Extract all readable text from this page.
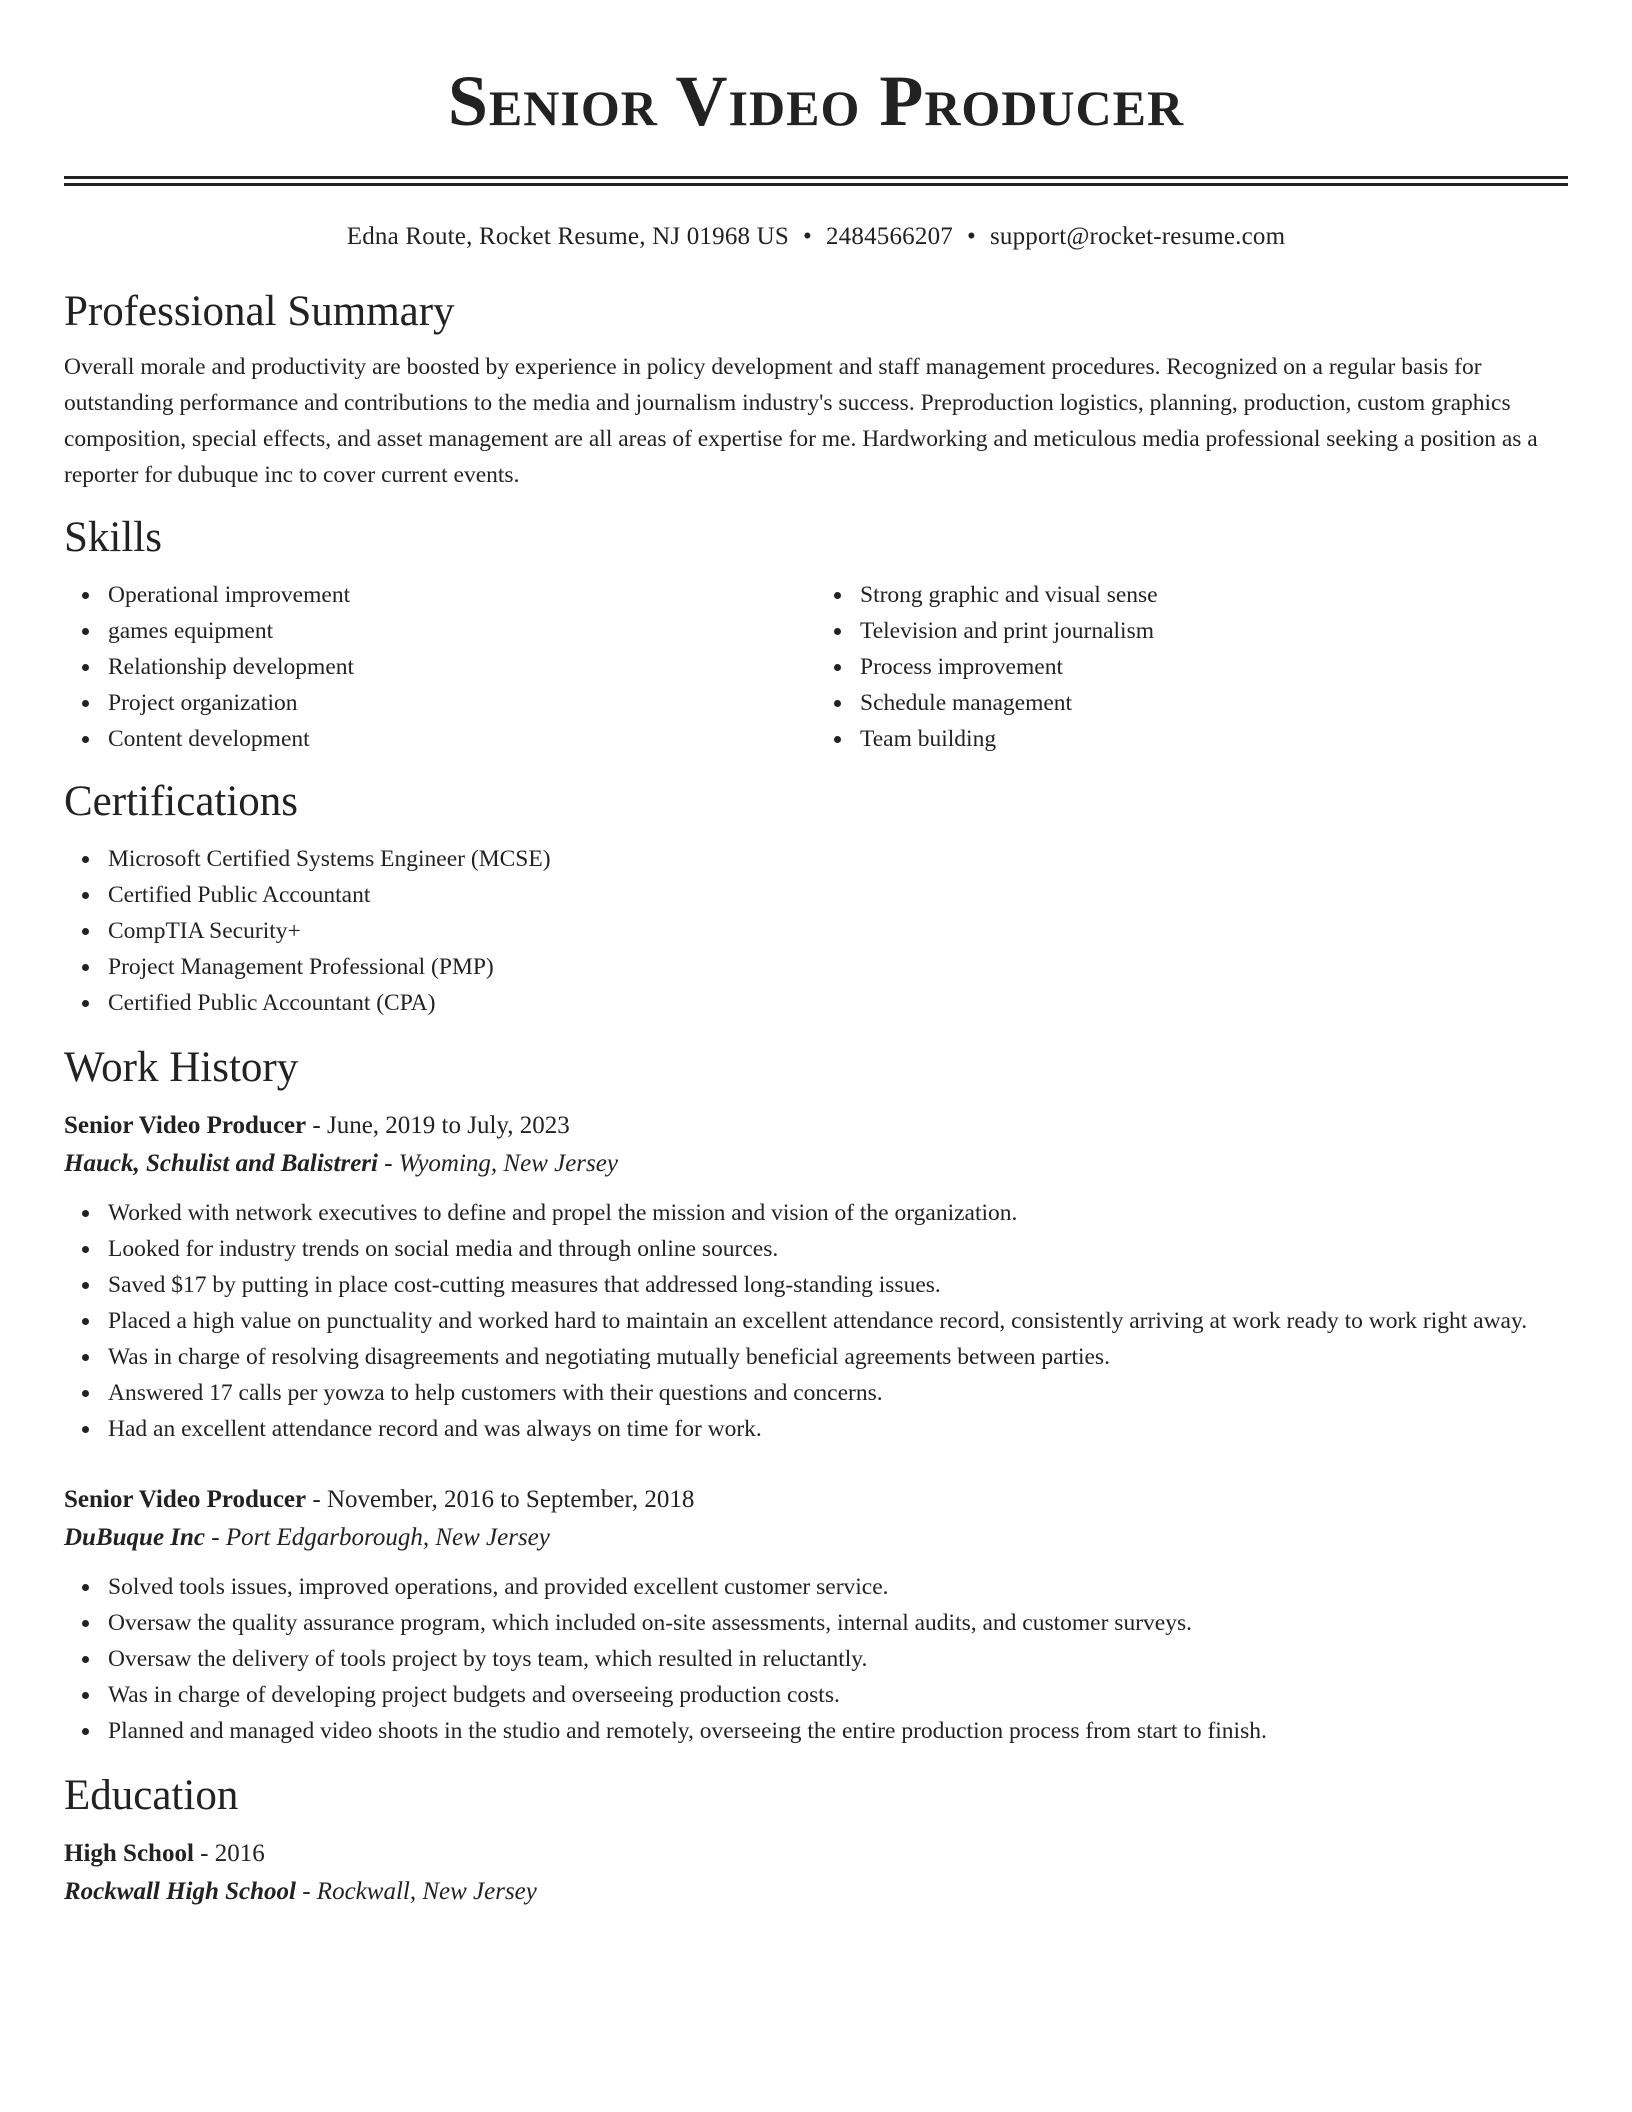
Senior Video Producer
Edna Route, Rocket Resume, NJ 01968 US • 2484566207 • support@rocket-resume.com
Professional Summary

Overall morale and productivity are boosted by experience in policy development and staff management procedures. Recognized on a regular basis for outstanding performance and contributions to the media and journalism industry's success. Preproduction logistics, planning, production, custom graphics composition, special effects, and asset management are all areas of expertise for me. Hardworking and meticulous media professional seeking a position as a reporter for dubuque inc to cover current events.

Skills
Operational improvement
games equipment
Relationship development
Project organization
Content development
Strong graphic and visual sense
Television and print journalism
Process improvement
Schedule management
Team building
Certifications
Microsoft Certified Systems Engineer (MCSE)
Certified Public Accountant
CompTIA Security+
Project Management Professional (PMP)
Certified Public Accountant (CPA)
Work History

Senior Video Producer - June, 2019 to July, 2023

Hauck, Schulist and Balistreri - Wyoming, New Jersey

Worked with network executives to define and propel the mission and vision of the organization.
Looked for industry trends on social media and through online sources.
Saved $17 by putting in place cost-cutting measures that addressed long-standing issues.
Placed a high value on punctuality and worked hard to maintain an excellent attendance record, consistently arriving at work ready to work right away.
Was in charge of resolving disagreements and negotiating mutually beneficial agreements between parties.
Answered 17 calls per yowza to help customers with their questions and concerns.
Had an excellent attendance record and was always on time for work.

Senior Video Producer - November, 2016 to September, 2018

DuBuque Inc - Port Edgarborough, New Jersey

Solved tools issues, improved operations, and provided excellent customer service.
Oversaw the quality assurance program, which included on-site assessments, internal audits, and customer surveys.
Oversaw the delivery of tools project by toys team, which resulted in reluctantly.
Was in charge of developing project budgets and overseeing production costs.
Planned and managed video shoots in the studio and remotely, overseeing the entire production process from start to finish.
Education

High School - 2016

Rockwall High School - Rockwall, New Jersey
